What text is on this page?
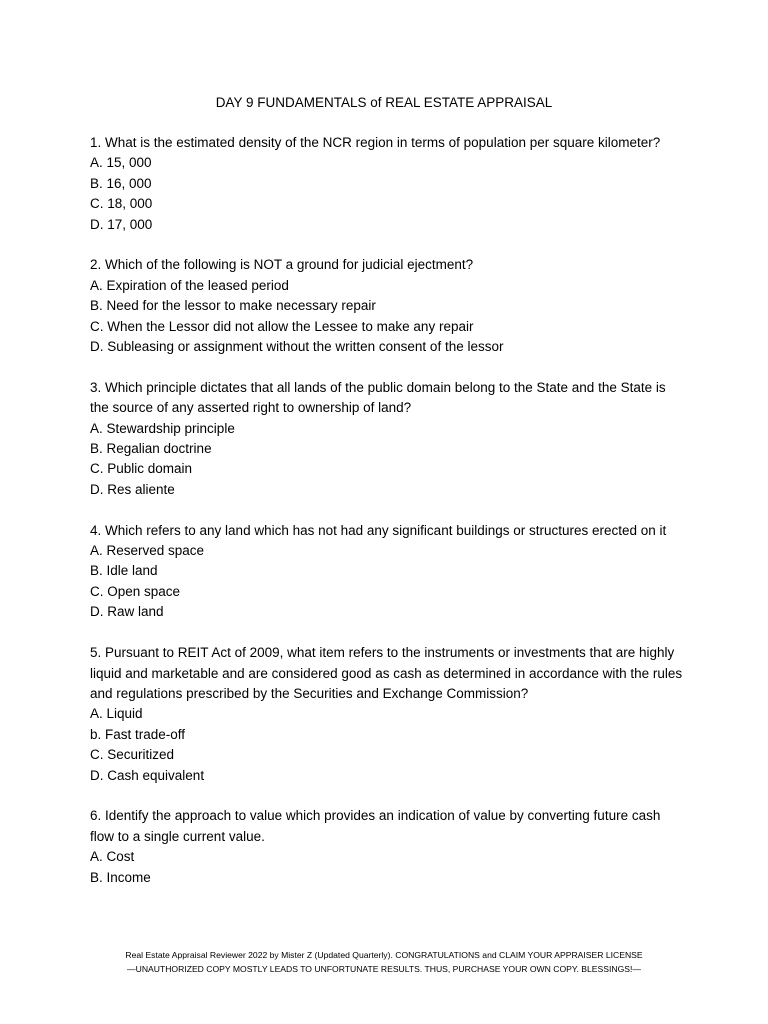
DAY 9 FUNDAMENTALS of REAL ESTATE APPRAISAL
1. What is the estimated density of the NCR region in terms of population per square kilometer?
A. 15, 000
B. 16, 000
C. 18, 000
D. 17, 000
2. Which of the following is NOT a ground for judicial ejectment?
A. Expiration of the leased period
B. Need for the lessor to make necessary repair
C. When the Lessor did not allow the Lessee to make any repair
D. Subleasing or assignment without the written consent of the lessor
3. Which principle dictates that all lands of the public domain belong to the State and the State is the source of any asserted right to ownership of land?
A. Stewardship principle
B. Regalian doctrine
C. Public domain
D. Res aliente
4. Which refers to any land which has not had any significant buildings or structures erected on it
A. Reserved space
B. Idle land
C. Open space
D. Raw land
5. Pursuant to REIT Act of 2009, what item refers to the instruments or investments that are highly liquid and marketable and are considered good as cash as determined in accordance with the rules and regulations prescribed by the Securities and Exchange Commission?
A. Liquid
b. Fast trade-off
C. Securitized
D. Cash equivalent
6. Identify the approach to value which provides an indication of value by converting future cash flow to a single current value.
A. Cost
B. Income
Real Estate Appraisal Reviewer 2022 by Mister Z (Updated Quarterly). CONGRATULATIONS and CLAIM YOUR APPRAISER LICENSE
—UNAUTHORIZED COPY MOSTLY LEADS TO UNFORTUNATE RESULTS. THUS, PURCHASE YOUR OWN COPY. BLESSINGS!—
